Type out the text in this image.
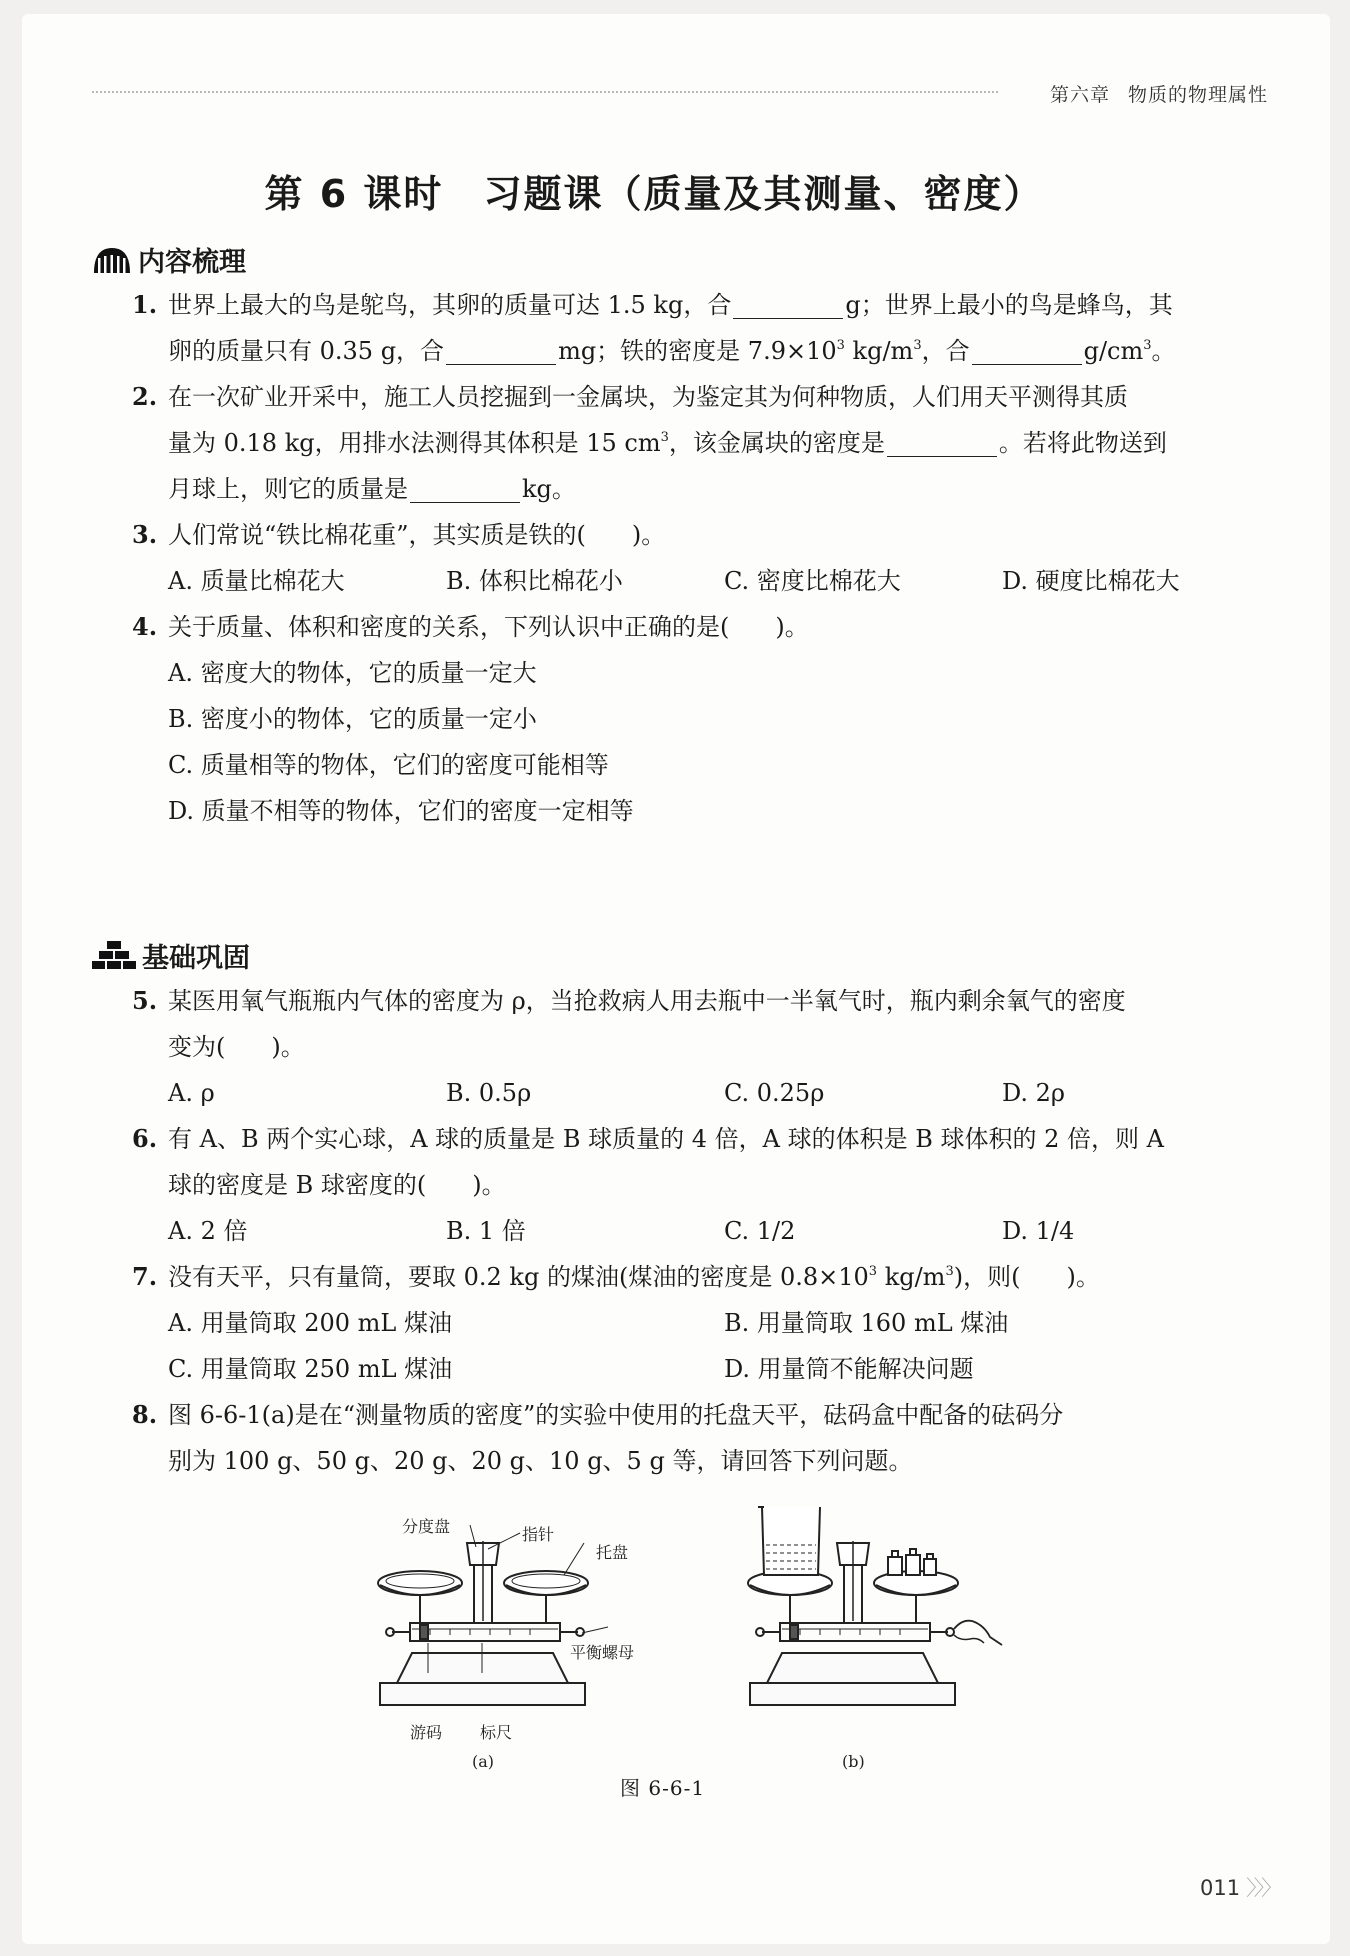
第六章 物质的物理属性
第 6 课时 习题课（质量及其测量、密度）
内容梳理
1. 世界上最大的鸟是鸵鸟，其卵的质量可达 1.5 kg，合	g；世界上最小的鸟是蜂鸟，其
卵的质量只有 0.35 g，合	mg；铁的密度是 $7.9\times 10^3$ $kg/m^3$，合	$g/cm^3$。
2. 在一次矿业开采中，施工人员挖掘到一金属块，为鉴定其为何种物质，人们用天平测得其质
量为 0.18 kg，用排水法测得其体积是 15 $cm^3$，该金属块的密度是	。若将此物送到
月球上，则它的质量是	kg。
3. 人们常说“铁比棉花重”，其实质是铁的( )。
A. 质量比棉花大	B. 体积比棉花小	C. 密度比棉花大	D. 硬度比棉花大
4. 关于质量、体积和密度的关系，下列认识中正确的是( )。
A. 密度大的物体，它的质量一定大
B. 密度小的物体，它的质量一定小
C. 质量相等的物体，它们的密度可能相等
D. 质量不相等的物体，它们的密度一定相等
基础巩固
5. 某医用氧气瓶瓶内气体的密度为 ρ，当抢救病人用去瓶中一半氧气时，瓶内剩余氧气的密度
变为( )。
A. ρ	B. 0.5ρ	C. 0.25ρ	D. 2ρ
6. 有 A、B 两个实心球，A 球的质量是 B 球质量的 4 倍，A 球的体积是 B 球体积的 2 倍，则 A
球的密度是 B 球密度的( )。
A. 2 倍	B. 1 倍	C. 1/2	D. 1/4
7. 没有天平，只有量筒，要取 0.2 kg 的煤油(煤油的密度是 $0.8\times 10^3$ $kg/m^3$)，则( )。
A. 用量筒取 200 mL 煤油	B. 用量筒取 160 mL 煤油
C. 用量筒取 250 mL 煤油	D. 用量筒不能解决问题
8. 图 6-6-1(a)是在“测量物质的密度”的实验中使用的托盘天平，砝码盒中配备的砝码分
别为 100 g、50 g、20 g、20 g、10 g、5 g 等，请回答下列问题。
分度盘	指针
托盘
平衡螺母
游码 标尺
(a)	(b)
图 6-6-1
011 〉〉〉
